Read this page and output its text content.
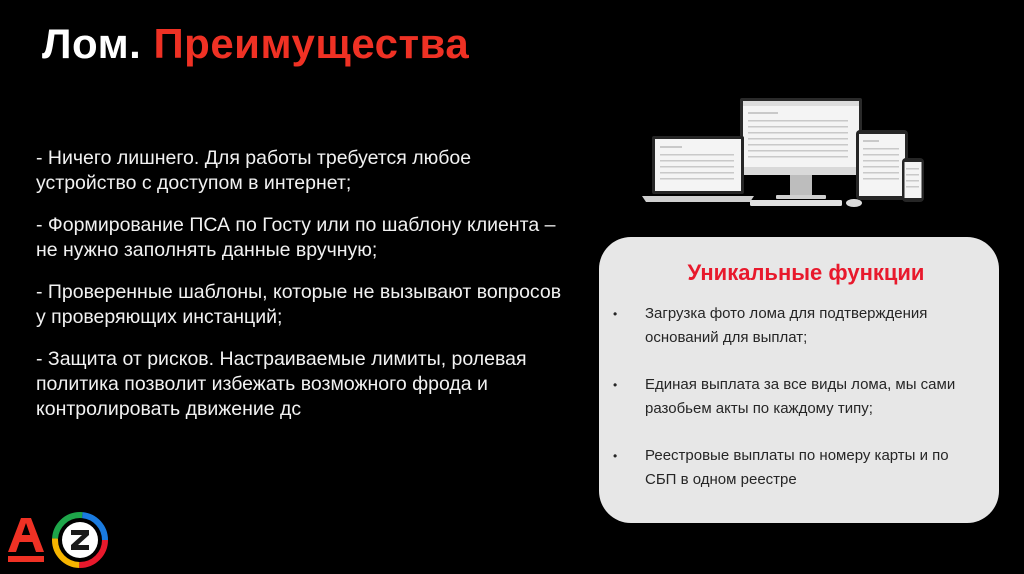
Лом. Преимущества

- Ничего лишнего. Для работы требуется любое устройство с доступом в интернет;

- Формирование ПСА по Госту или по шаблону клиента – не нужно заполнять данные вручную;

- Проверенные шаблоны, которые не вызывают вопросов у проверяющих инстанций;

- Защита от рисков. Настраиваемые лимиты, ролевая политика позволит избежать возможного фрода и контролировать движение дс

Уникальные функции
• Загрузка фото лома для подтверждения оснований для выплат;
• Единая выплата за все виды лома, мы сами разобьем акты по каждому типу;
• Реестровые выплаты по номеру карты и по СБП в одном реестре
